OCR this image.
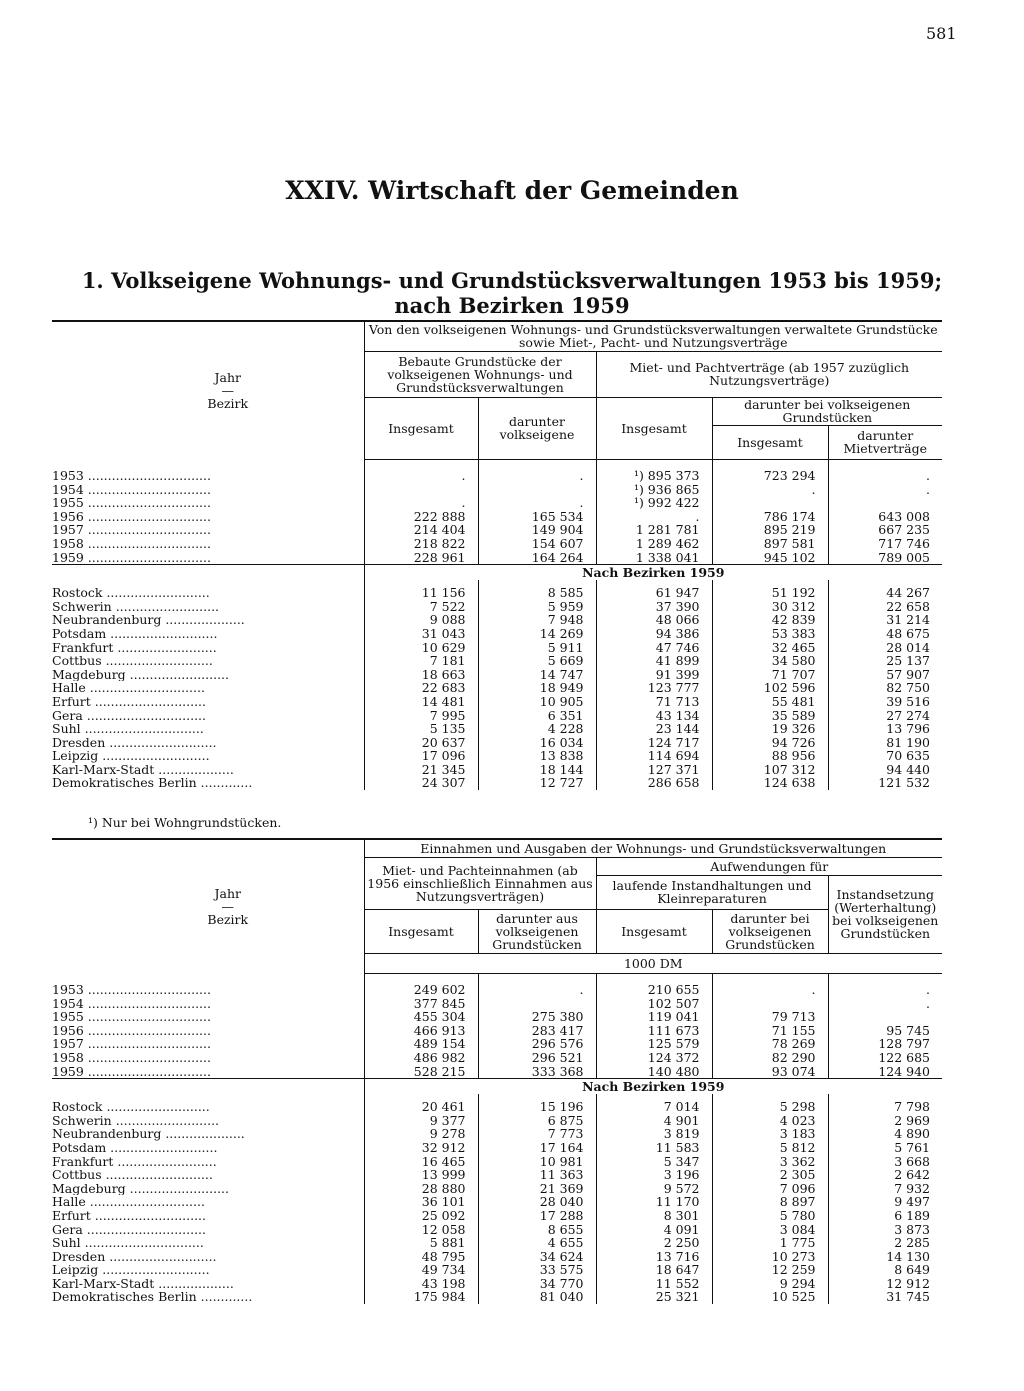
581
XXIV. Wirtschaft der Gemeinden
1. Volkseigene Wohnungs- und Grundstücksverwaltungen 1953 bis 1959;
nach Bezirken 1959
Jahr
—
Bezirk	Von den volkseigenen Wohnungs- und Grundstücksverwaltungen verwaltete Grundstücke sowie Miet-, Pacht- und Nutzungsverträge				
	Bebaute Grundstücke der volkseigenen Wohnungs- und Grundstücksverwaltungen		Miet- und Pachtverträge (ab 1957 zuzüglich Nutzungsverträge)		
	Insgesamt	darunter volkseigene	Insgesamt	darunter bei volkseigenen Grundstücken	
				Insgesamt	darunter Mietverträge

1953 ...............................	.	.	¹) 895 373	723 294	.
1954 ...............................			¹) 936 865	.	.
1955 ...............................	.	.	¹) 992 422		
1956 ...............................	222 888	165 534	.	786 174	643 008
1957 ...............................	214 404	149 904	1 281 781	895 219	667 235
1958 ...............................	218 822	154 607	1 289 462	897 581	717 746
1959 ...............................	228 961	164 264	1 338 041	945 102	789 005
	Nach Bezirken 1959				

Rostock ..........................	11 156	8 585	61 947	51 192	44 267
Schwerin ..........................	7 522	5 959	37 390	30 312	22 658
Neubrandenburg ....................	9 088	7 948	48 066	42 839	31 214
Potsdam ...........................	31 043	14 269	94 386	53 383	48 675
Frankfurt .........................	10 629	5 911	47 746	32 465	28 014
Cottbus ...........................	7 181	5 669	41 899	34 580	25 137
Magdeburg .........................	18 663	14 747	91 399	71 707	57 907
Halle .............................	22 683	18 949	123 777	102 596	82 750
Erfurt ............................	14 481	10 905	71 713	55 481	39 516
Gera ..............................	7 995	6 351	43 134	35 589	27 274
Suhl ..............................	5 135	4 228	23 144	19 326	13 796
Dresden ...........................	20 637	16 034	124 717	94 726	81 190
Leipzig ...........................	17 096	13 838	114 694	88 956	70 635
Karl-Marx-Stadt ...................	21 345	18 144	127 371	107 312	94 440
Demokratisches Berlin .............	24 307	12 727	286 658	124 638	121 532
¹) Nur bei Wohngrundstücken.
Jahr
—
Bezirk	Einnahmen und Ausgaben der Wohnungs- und Grundstücksverwaltungen				
	Miet- und Pachteinnahmen (ab 1956 einschließlich Einnahmen aus Nutzungsverträgen)		Aufwendungen für		
			laufende Instandhaltungen und Kleinreparaturen		Instandsetzung (Werterhaltung) bei volkseigenen Grundstücken
	Insgesamt	darunter aus volkseigenen Grundstücken	Insgesamt	darunter bei volkseigenen Grundstücken	
	1000 DM				

1953 ...............................	249 602	.	210 655	.	.
1954 ...............................	377 845		102 507		.
1955 ...............................	455 304	275 380	119 041	79 713	
1956 ...............................	466 913	283 417	111 673	71 155	95 745
1957 ...............................	489 154	296 576	125 579	78 269	128 797
1958 ...............................	486 982	296 521	124 372	82 290	122 685
1959 ...............................	528 215	333 368	140 480	93 074	124 940
	Nach Bezirken 1959				

Rostock ..........................	20 461	15 196	7 014	5 298	7 798
Schwerin ..........................	9 377	6 875	4 901	4 023	2 969
Neubrandenburg ....................	9 278	7 773	3 819	3 183	4 890
Potsdam ...........................	32 912	17 164	11 583	5 812	5 761
Frankfurt .........................	16 465	10 981	5 347	3 362	3 668
Cottbus ...........................	13 999	11 363	3 196	2 305	2 642
Magdeburg .........................	28 880	21 369	9 572	7 096	7 932
Halle .............................	36 101	28 040	11 170	8 897	9 497
Erfurt ............................	25 092	17 288	8 301	5 780	6 189
Gera ..............................	12 058	8 655	4 091	3 084	3 873
Suhl ..............................	5 881	4 655	2 250	1 775	2 285
Dresden ...........................	48 795	34 624	13 716	10 273	14 130
Leipzig ...........................	49 734	33 575	18 647	12 259	8 649
Karl-Marx-Stadt ...................	43 198	34 770	11 552	9 294	12 912
Demokratisches Berlin .............	175 984	81 040	25 321	10 525	31 745
